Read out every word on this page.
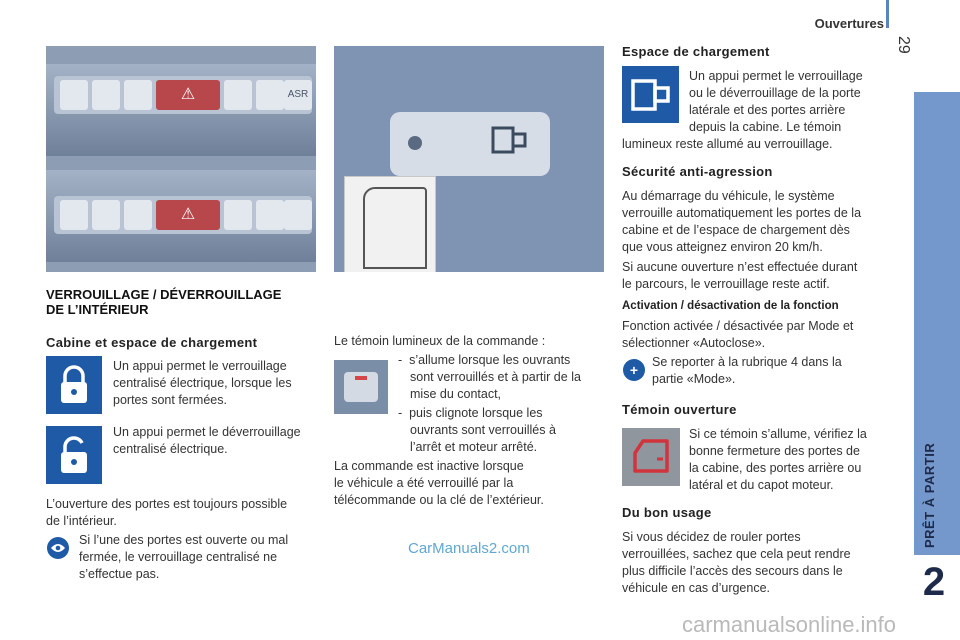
Ouvertures
29
PRÊT À PARTIR
2
⚠	ASR
⚠
VERROUILLAGE / DÉVERROUILLAGE
DE L’INTÉRIEUR
Cabine et espace de chargement
Un appui permet le verrouillage
centralisé électrique, lorsque les
portes sont fermées.
Un appui permet le déverrouillage
centralisé électrique.
L’ouverture des portes est toujours possible
de l’intérieur.
Si l’une des portes est ouverte ou mal
fermée, le verrouillage centralisé ne
s’effectue pas.
Le témoin lumineux de la commande :
-  s’allume lorsque les ouvrants
sont verrouillés et à partir de la
mise du contact,
-  puis clignote lorsque les
ouvrants sont verrouillés à
l’arrêt et moteur arrêté.
La commande est inactive lorsque
le véhicule a été verrouillé par la
télécommande ou la clé de l’extérieur.
Espace de chargement
Un appui permet le verrouillage
ou le déverrouillage de la porte
latérale et des portes arrière
depuis la cabine. Le témoin
lumineux reste allumé au verrouillage.
Sécurité anti-agression
Au démarrage du véhicule, le système
verrouille automatiquement les portes de la
cabine et de l’espace de chargement dès
que vous atteignez environ 20 km/h.
Si aucune ouverture n’est effectuée durant
le parcours, le verrouillage reste actif.
Activation / désactivation de la fonction
Fonction activée / désactivée par Mode et
sélectionner «Autoclose».
+	Se reporter à la rubrique 4 dans la
partie «Mode».
Témoin ouverture
Si ce témoin s’allume, vérifiez la
bonne fermeture des portes de
la cabine, des portes arrière ou
latéral et du capot moteur.
Du bon usage
Si vous décidez de rouler portes
verrouillées, sachez que cela peut rendre
plus difficile l’accès des secours dans le
véhicule en cas d’urgence.
CarManuals2.com
carmanualsonline.info
